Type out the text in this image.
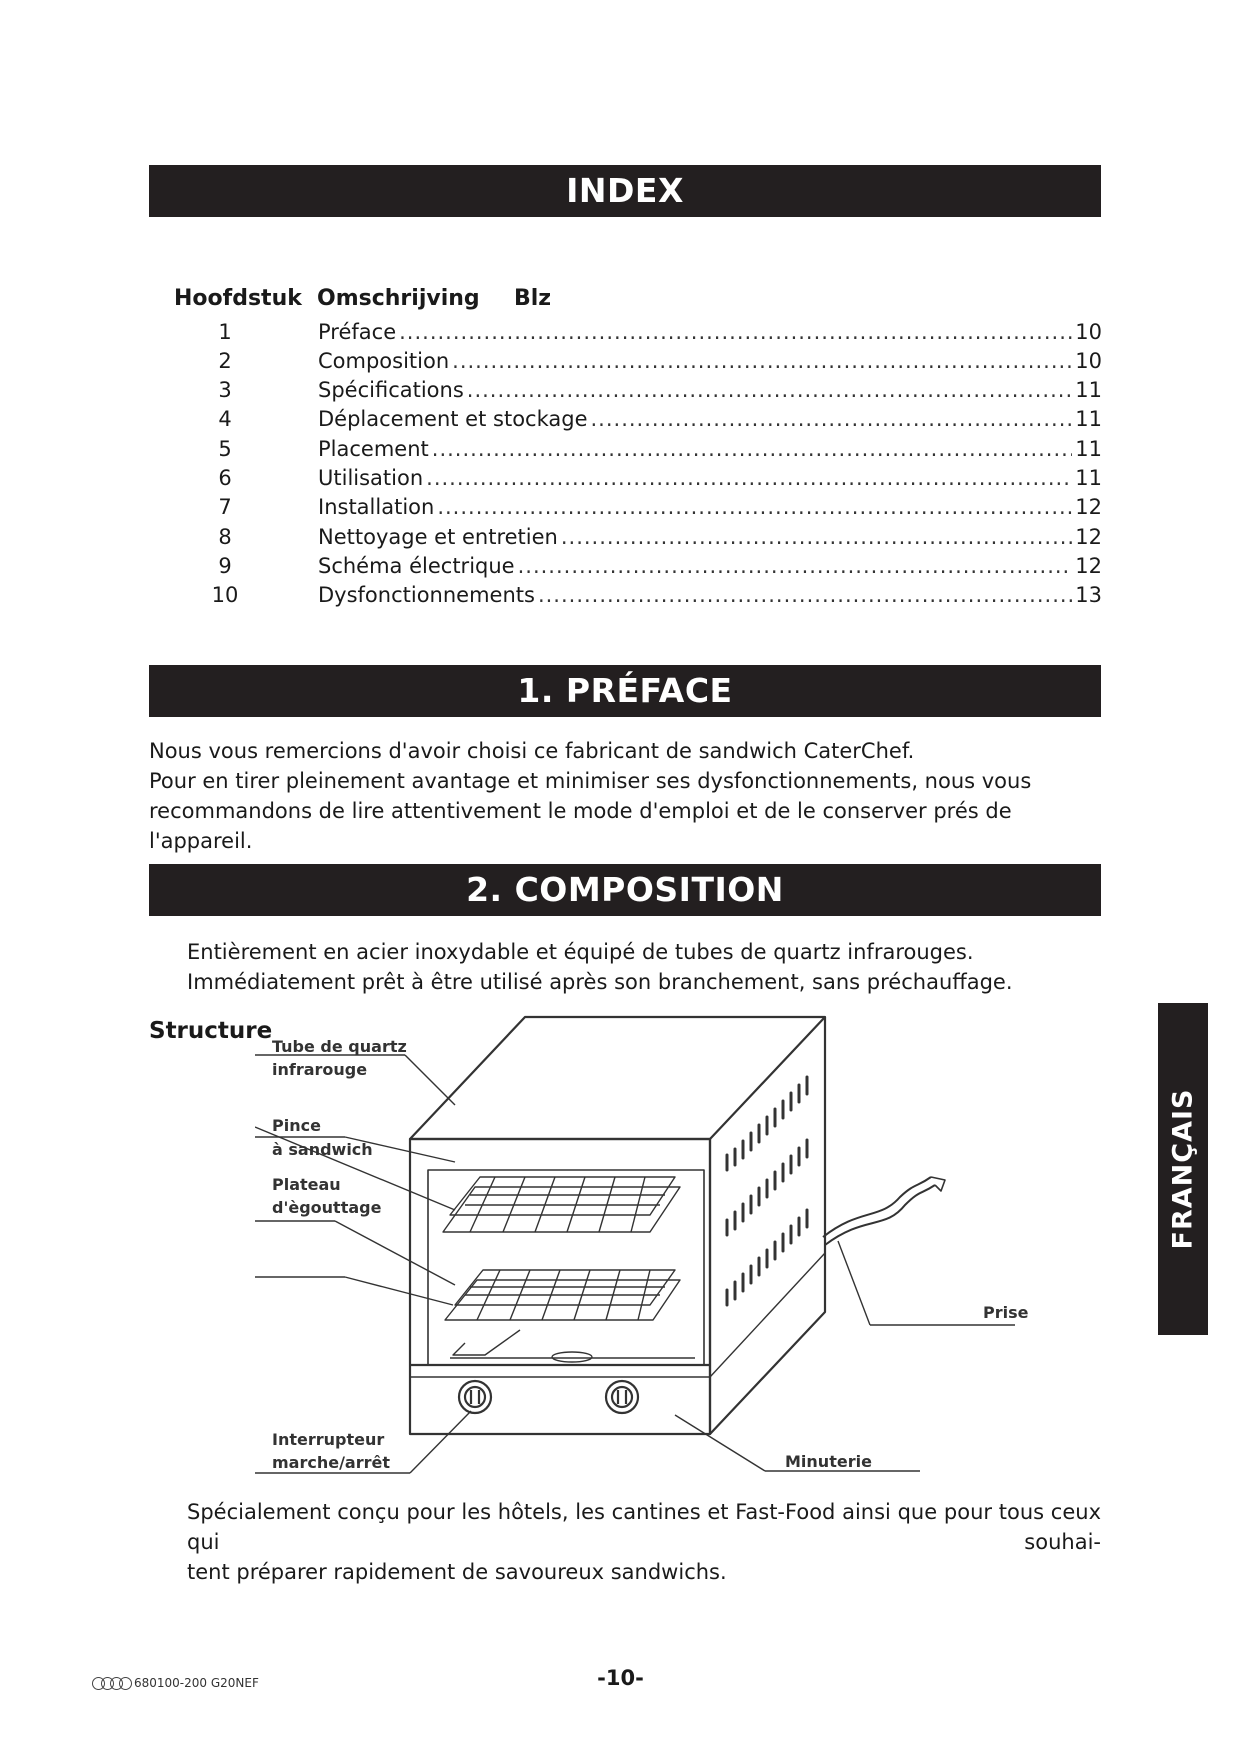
INDEX
Hoofdstuk Omschrijving Blz
1	Préface .....	10
2	Composition .....	10
3	Spécifications .....	11
4	Déplacement et stockage .....	11
5	Placement .....	11
6	Utilisation .....	11
7	Installation .....	12
8	Nettoyage et entretien .....	12
9	Schéma électrique .....	12
10	Dysfonctionnements .....	13
1. PRÉFACE
Nous vous remercions d'avoir choisi ce fabricant de sandwich CaterChef.
Pour en tirer pleinement avantage et minimiser ses dysfonctionnements, nous vous
recommandons de lire attentivement le mode d'emploi et de le conserver prés de l'appareil.
2. COMPOSITION
Entièrement en acier inoxydable et équipé de tubes de quartz infrarouges.
Immédiatement prêt à être utilisé après son branchement, sans préchauffage.
Structure
Tube de quartz
infrarouge
Pince
à sandwich
Plateau
d'ègouttage
Interrupteur
marche/arrêt	Minuterie
Prise
Spécialement conçu pour les hôtels, les cantines et Fast-Food ainsi que pour tous ceux qui souhai-
tent préparer rapidement de savoureux sandwichs.
FRANÇAIS
680100-200 G20NEF	-10-
